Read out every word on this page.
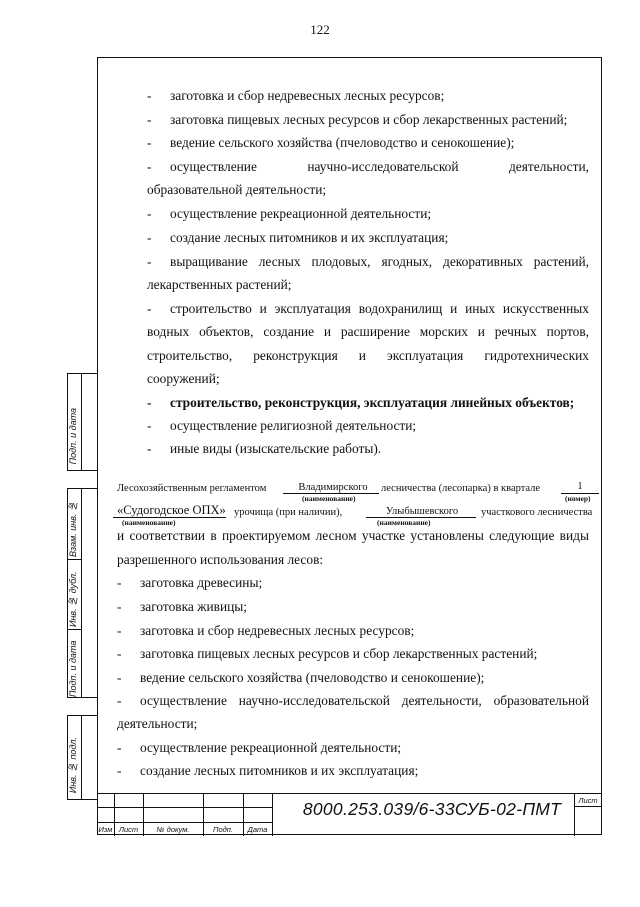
122
- заготовка и сбор недревесных лесных ресурсов;
- заготовка пищевых лесных ресурсов и сбор лекарственных растений;
- ведение сельского хозяйства (пчеловодство и сенокошение);
- осуществление научно-исследовательской деятельности,
образовательной деятельности;
- осуществление рекреационной деятельности;
- создание лесных питомников и их эксплуатация;
- выращивание лесных плодовых, ягодных, декоративных растений,
лекарственных растений;
- строительство и эксплуатация водохранилищ и иных искусственных
водных объектов, создание и расширение морских и речных портов,
строительство, реконструкция и эксплуатация гидротехнических
сооружений;
- строительство, реконструкция, эксплуатация линейных объектов;
- осуществление религиозной деятельности;
- иные виды (изыскательские работы).
Лесохозяйственным регламентом	Владимирского
(наименование)
лесничества (лесопарка) в квартале	1
(номер)
«Судогодское ОПХ»
(наименование)
урочища (при наличии),	Улыбышевского
(наименование)
участкового лесничества
и соответствии в проектируемом лесном участке установлены следующие виды
разрешенного использования лесов:
- заготовка древесины;
- заготовка живицы;
- заготовка и сбор недревесных лесных ресурсов;
- заготовка пищевых лесных ресурсов и сбор лекарственных растений;
- ведение сельского хозяйства (пчеловодство и сенокошение);
- осуществление научно-исследовательской деятельности, образовательной
деятельности;
- осуществление рекреационной деятельности;
- создание лесных питомников и их эксплуатация;
Подп. и дата
Взам. инв. №
Инв. № дубл.
Подп. и дата
Инв. № подл.
Изм Лист	№ докум.	Подп.	Дата
8000.253.039/6-33СУБ-02-ПМТ	Лист
